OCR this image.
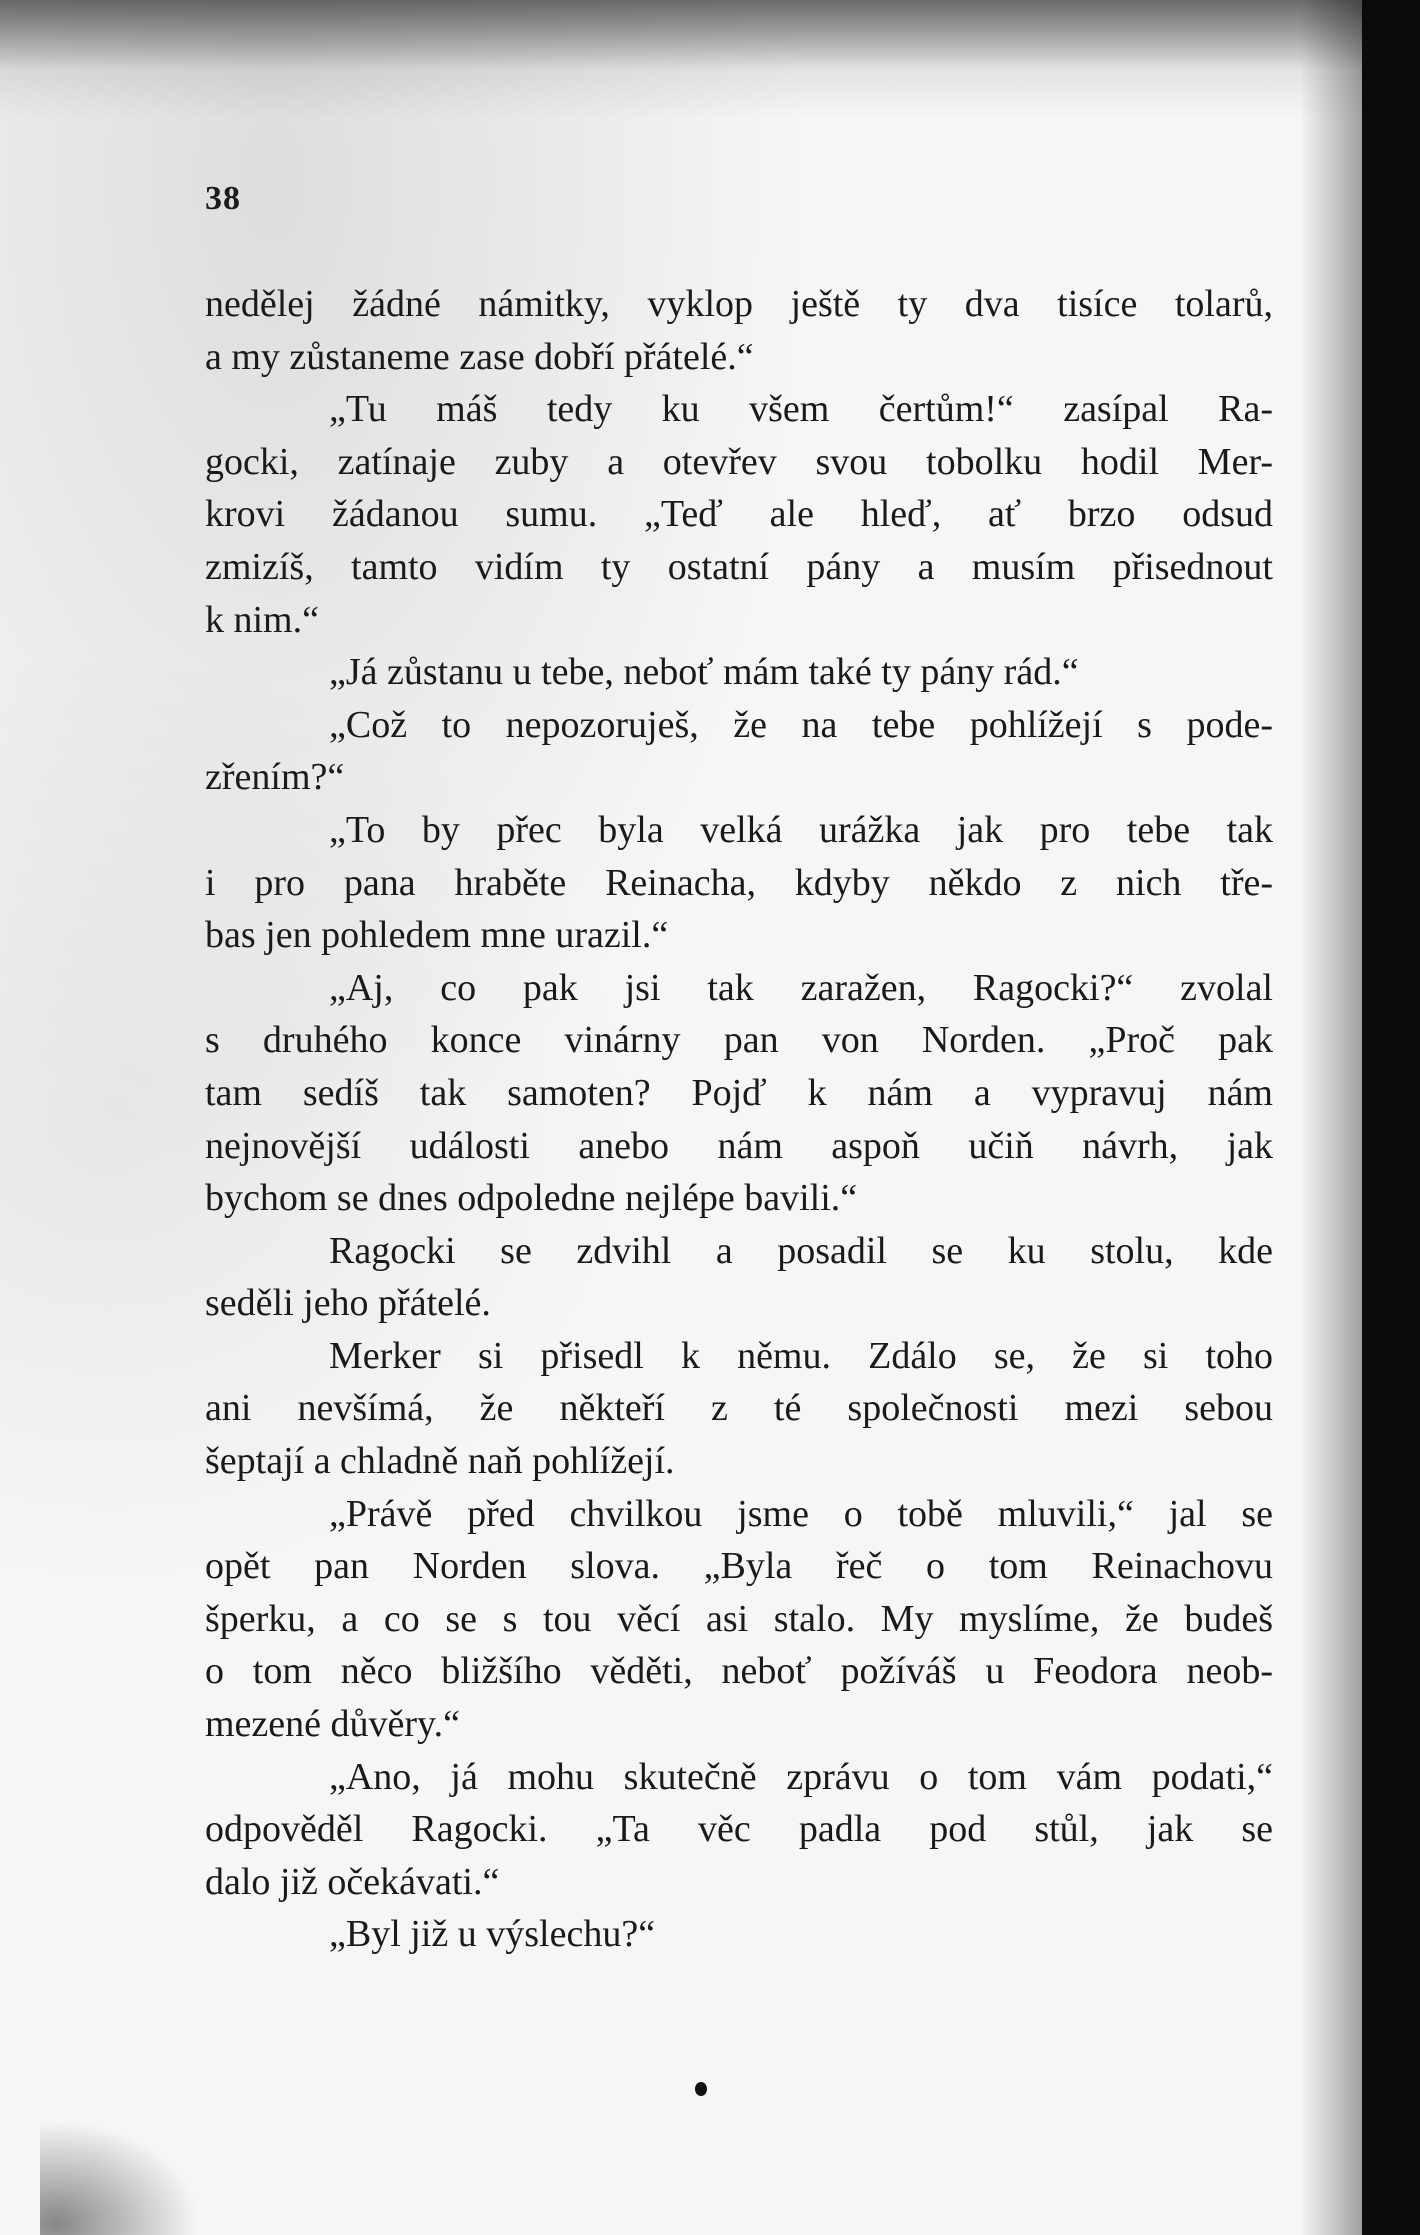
38
nedělej žádné námitky, vyklop ještě ty dva tisíce tolarů,
a my zůstaneme zase dobří přátelé.“
„Tu máš tedy ku všem čertům!“ zasípal Ra-
gocki, zatínaje zuby a otevřev svou tobolku hodil Mer-
krovi žádanou sumu. „Teď ale hleď, ať brzo odsud
zmizíš, tamto vidím ty ostatní pány a musím přisednout
k nim.“
„Já zůstanu u tebe, neboť mám také ty pány rád.“
„Což to nepozoruješ, že na tebe pohlížejí s pode-
zřením?“
„To by přec byla velká urážka jak pro tebe tak
i pro pana hraběte Reinacha, kdyby někdo z nich tře-
bas jen pohledem mne urazil.“
„Aj, co pak jsi tak zaražen, Ragocki?“ zvolal
s druhého konce vinárny pan von Norden. „Proč pak
tam sedíš tak samoten? Pojď k nám a vypravuj nám
nejnovější události anebo nám aspoň učiň návrh, jak
bychom se dnes odpoledne nejlépe bavili.“
Ragocki se zdvihl a posadil se ku stolu, kde
seděli jeho přátelé.
Merker si přisedl k němu. Zdálo se, že si toho
ani nevšímá, že někteří z té společnosti mezi sebou
šeptají a chladně naň pohlížejí.
„Právě před chvilkou jsme o tobě mluvili,“ jal se
opět pan Norden slova. „Byla řeč o tom Reinachovu
šperku, a co se s tou věcí asi stalo. My myslíme, že budeš
o tom něco bližšího věděti, neboť požíváš u Feodora neob-
mezené důvěry.“
„Ano, já mohu skutečně zprávu o tom vám podati,“
odpověděl Ragocki. „Ta věc padla pod stůl, jak se
dalo již očekávati.“
„Byl již u výslechu?“
